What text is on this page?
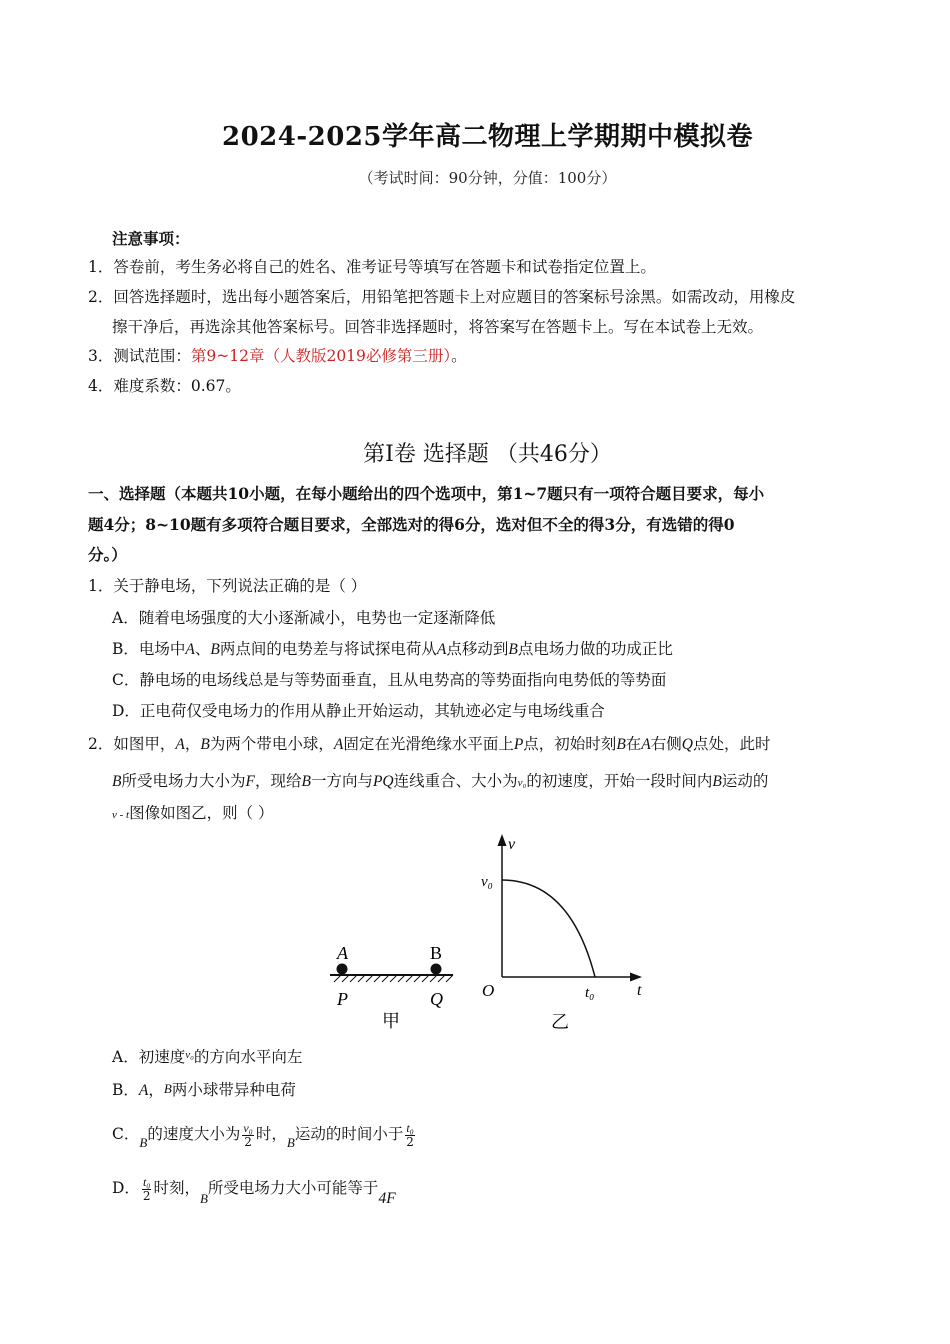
2024-2025学年高二物理上学期期中模拟卷
（考试时间：90分钟，分值：100分）
注意事项：
1．答卷前，考生务必将自己的姓名、准考证号等填写在答题卡和试卷指定位置上。
2．回答选择题时，选出每小题答案后，用铅笔把答题卡上对应题目的答案标号涂黑。如需改动，用橡皮
擦干净后，再选涂其他答案标号。回答非选择题时，将答案写在答题卡上。写在本试卷上无效。
3．测试范围：第9~12章（人教版2019必修第三册）。
4．难度系数：0.67。
第Ⅰ卷 选择题 （共46分）
一、选择题（本题共10小题，在每小题给出的四个选项中，第1~7题只有一项符合题目要求，每小
题4分；8~10题有多项符合题目要求，全部选对的得6分，选对但不全的得3分，有选错的得0
分。）
1．关于静电场，下列说法正确的是（ ）
A．随着电场强度的大小逐渐减小，电势也一定逐渐降低
B．电场中A、B两点间的电势差与将试探电荷从A点移动到B点电场力做的功成正比
C．静电场的电场线总是与等势面垂直，且从电势高的等势面指向电势低的等势面
D．正电荷仅受电场力的作用从静止开始运动，其轨迹必定与电场线重合
2．如图甲，A，B为两个带电小球，A固定在光滑绝缘水平面上P点，初始时刻B在A右侧Q点处，此时
B所受电场力大小为F，现给B一方向与PQ连线重合、大小为v₀的初速度，开始一段时间内B运动的
v - t图像如图乙，则（ ）
A	B
P	Q
甲
v
t
v₀
O	t₀
乙
A．初速度$^{v_0}$的方向水平向左
B．A，B两小球带异种电荷
C．$_B$的速度大小为 $\frac{\text{v₀}}{2}$ 时，$_B$运动的时间小于 $\frac{\text{t₀}}{2}$
D． $\frac{\text{t₀}}{2}$ 时刻，$_B$所受电场力大小可能等于4F
